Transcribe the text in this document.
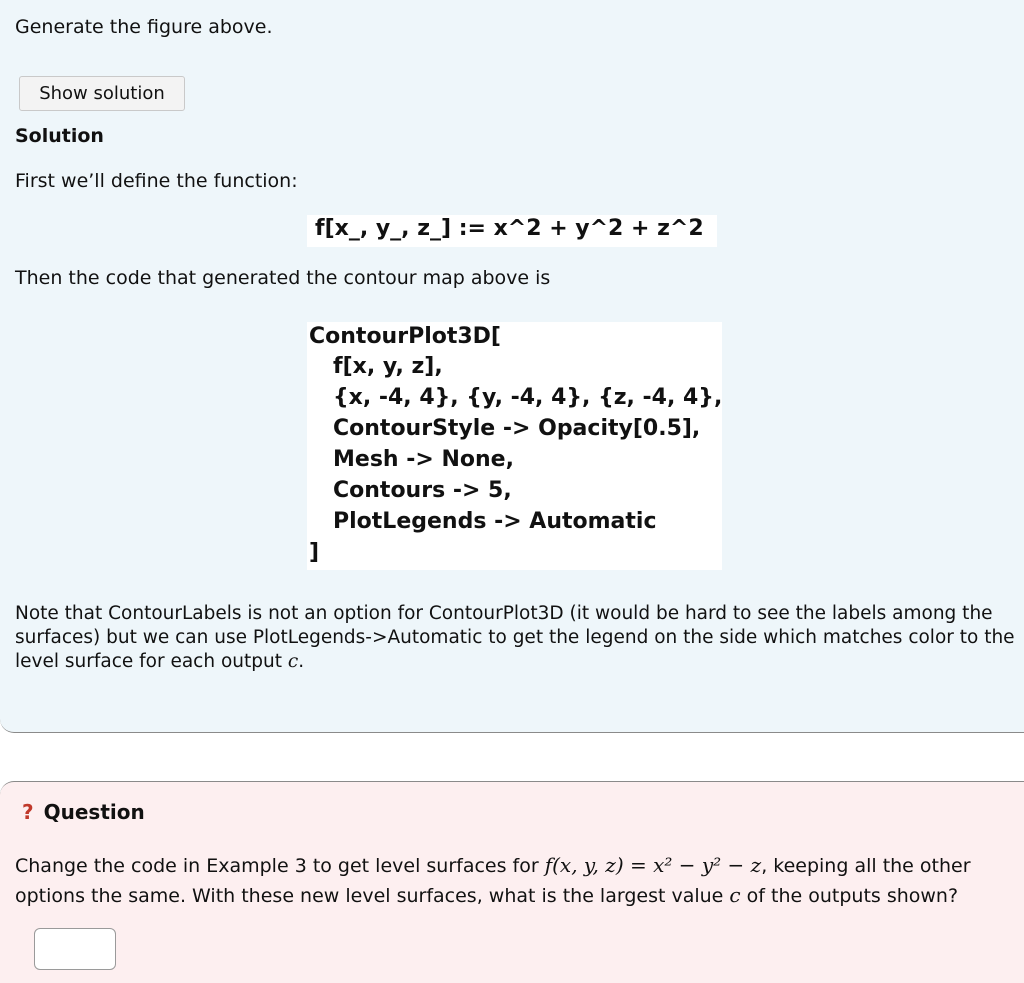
Generate the figure above.
Show solution
Solution
First we’ll define the function:
f[x_, y_, z_] := x^2 + y^2 + z^2
Then the code that generated the contour map above is
ContourPlot3D[
f[x, y, z],
{x, -4, 4}, {y, -4, 4}, {z, -4, 4},
ContourStyle -> Opacity[0.5],
Mesh -> None,
Contours -> 5,
PlotLegends -> Automatic
]
Note that ContourLabels is not an option for ContourPlot3D (it would be hard to see the labels among the surfaces) but we can use PlotLegends->Automatic to get the legend on the side which matches color to the level surface for each output c.
? Question
Change the code in Example 3 to get level surfaces for f(x, y, z) = x² − y² − z, keeping all the other options the same. With these new level surfaces, what is the largest value c of the outputs shown?
